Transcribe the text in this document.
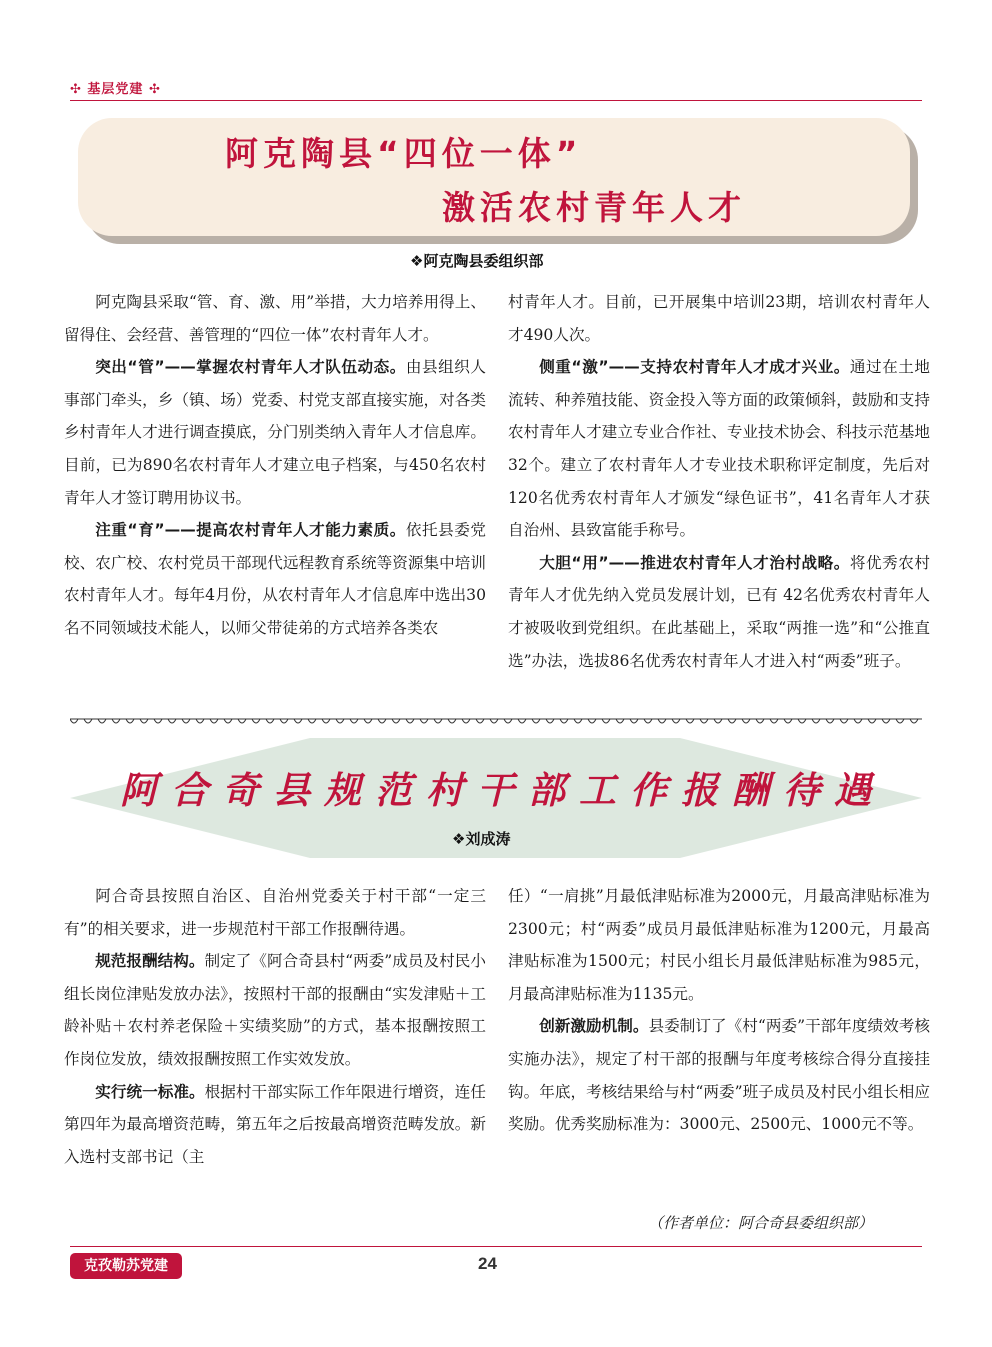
✣ 基层党建 ✣
阿克陶县“四位一体”
激活农村青年人才
❖阿克陶县委组织部

阿克陶县采取“管、育、激、用”举措，大力培养用得上、留得住、会经营、善管理的“四位一体”农村青年人才。

突出“管”——掌握农村青年人才队伍动态。由县组织人事部门牵头，乡（镇、场）党委、村党支部直接实施，对各类乡村青年人才进行调查摸底，分门别类纳入青年人才信息库。目前，已为890名农村青年人才建立电子档案，与450名农村青年人才签订聘用协议书。

注重“育”——提高农村青年人才能力素质。依托县委党校、农广校、农村党员干部现代远程教育系统等资源集中培训农村青年人才。每年4月份，从农村青年人才信息库中选出30名不同领域技术能人，以师父带徒弟的方式培养各类农

村青年人才。目前，已开展集中培训23期，培训农村青年人才490人次。

侧重“激”——支持农村青年人才成才兴业。通过在土地流转、种养殖技能、资金投入等方面的政策倾斜，鼓励和支持农村青年人才建立专业合作社、专业技术协会、科技示范基地32个。建立了农村青年人才专业技术职称评定制度，先后对120名优秀农村青年人才颁发“绿色证书”，41名青年人才获自治州、县致富能手称号。

大胆“用”——推进农村青年人才治村战略。将优秀农村青年人才优先纳入党员发展计划，已有 42名优秀农村青年人才被吸收到党组织。在此基础上，采取“两推一选”和“公推直选”办法，选拔86名优秀农村青年人才进入村“两委”班子。

阿合奇县规范村干部工作报酬待遇
❖刘成涛

阿合奇县按照自治区、自治州党委关于村干部“一定三有”的相关要求，进一步规范村干部工作报酬待遇。

规范报酬结构。制定了《阿合奇县村“两委”成员及村民小组长岗位津贴发放办法》，按照村干部的报酬由“实发津贴＋工龄补贴＋农村养老保险＋实绩奖励”的方式，基本报酬按照工作岗位发放，绩效报酬按照工作实效发放。

实行统一标准。根据村干部实际工作年限进行增资，连任第四年为最高增资范畴，第五年之后按最高增资范畴发放。新入选村支部书记（主

任）“一肩挑”月最低津贴标准为2000元，月最高津贴标准为2300元；村“两委”成员月最低津贴标准为1200元，月最高津贴标准为1500元；村民小组长月最低津贴标准为985元，月最高津贴标准为1135元。

创新激励机制。县委制订了《村“两委”干部年度绩效考核实施办法》，规定了村干部的报酬与年度考核综合得分直接挂钩。年底，考核结果给与村“两委”班子成员及村民小组长相应奖励。优秀奖励标准为：3000元、2500元、1000元不等。

（作者单位：阿合奇县委组织部）
克孜勒苏党建	24
